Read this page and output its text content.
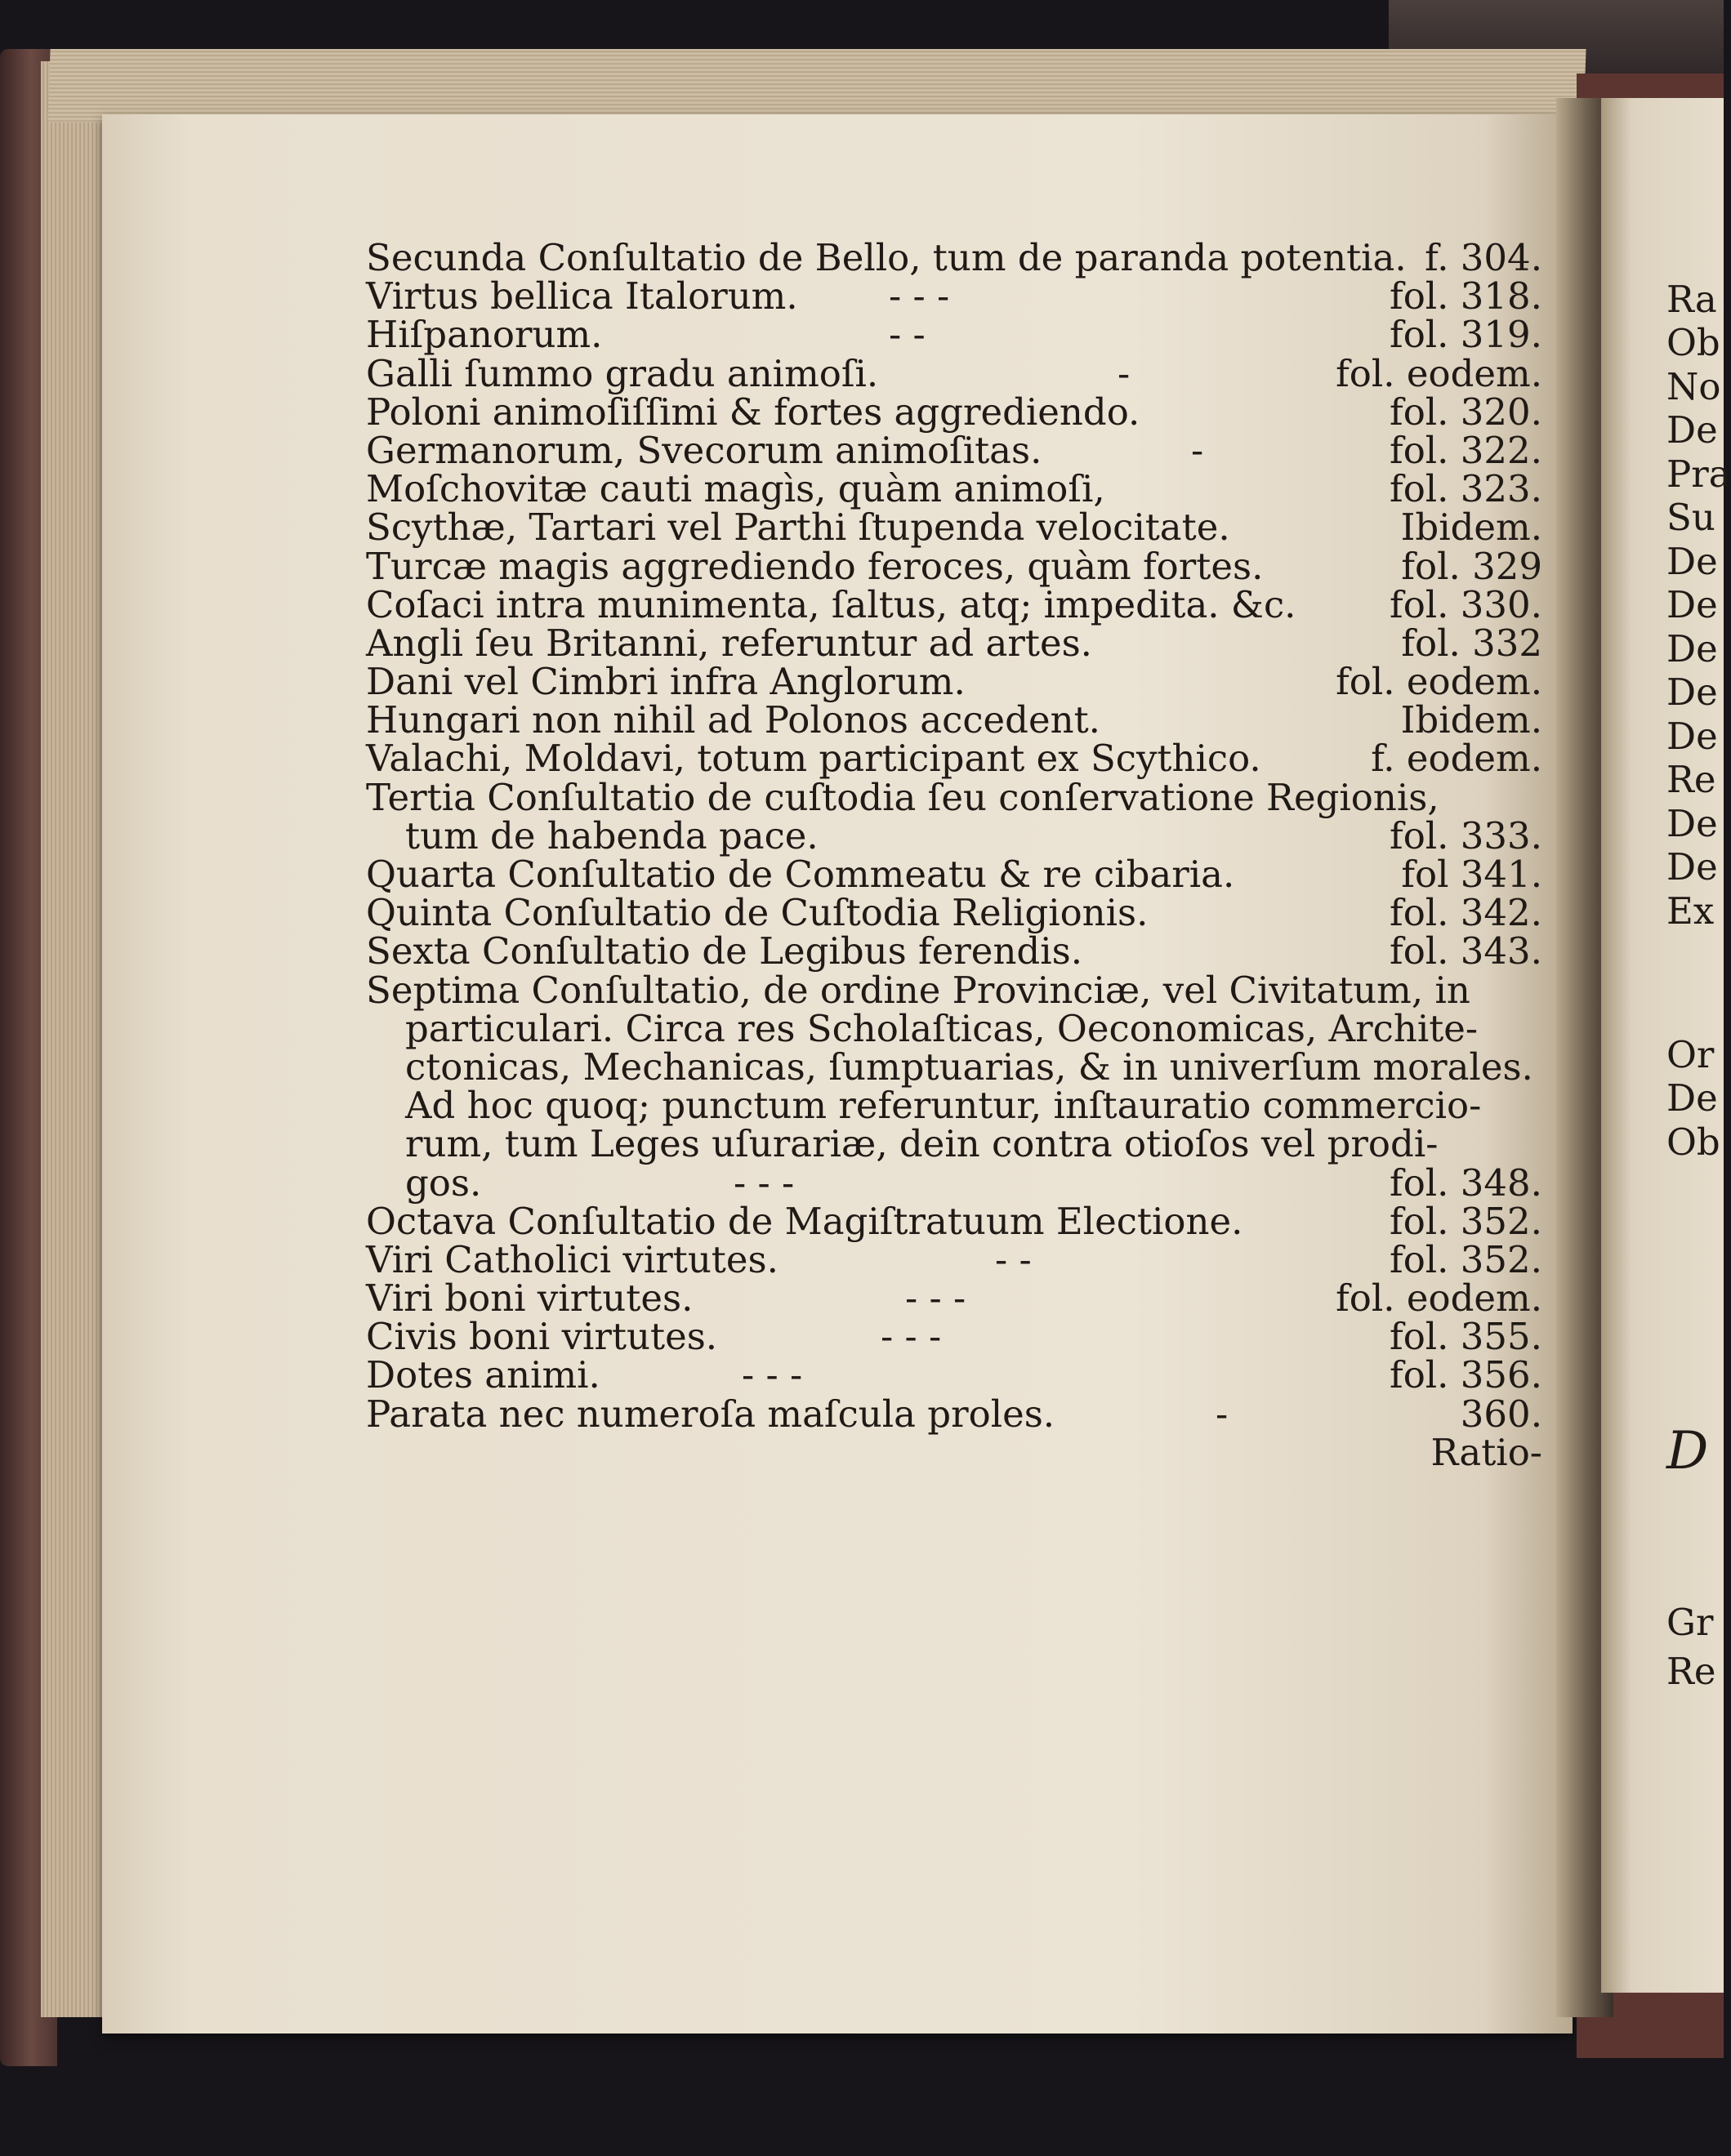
Secunda Conſultatio de Bello, tum de paranda potentia. f. 304.
Virtus bellica Italorum. - - -	fol. 318.
Hiſpanorum.	- -	fol. 319.
Galli ſummo gradu animoſi.	-	fol. eodem.
Poloni animoſiſſimi & fortes aggrediendo.	fol. 320.
Germanorum, Svecorum animoſitas.	-	fol. 322.
Moſchovitæ cauti magìs, quàm animoſi,	fol. 323.
Scythæ, Tartari vel Parthi ſtupenda velocitate.	Ibidem.
Turcæ magis aggrediendo feroces, quàm fortes.	fol. 329
Coſaci intra munimenta, ſaltus, atq; impedita. &c.	fol. 330.
Angli ſeu Britanni, referuntur ad artes.	fol. 332
Dani vel Cimbri infra Anglorum.	fol. eodem.
Hungari non nihil ad Polonos accedent.	Ibidem.
Valachi, Moldavi, totum participant ex Scythico.	f. eodem.
Tertia Conſultatio de cuſtodia ſeu conſervatione Regionis,
tum de habenda pace.	fol. 333.
Quarta Conſultatio de Commeatu & re cibaria.	fol 341.
Quinta Conſultatio de Cuſtodia Religionis.	fol. 342.
Sexta Conſultatio de Legibus ferendis.	fol. 343.
Septima Conſultatio, de ordine Provinciæ, vel Civitatum, in
particulari. Circa res Scholaſticas, Oeconomicas, Archite-
ctonicas, Mechanicas, ſumptuarias, & in univerſum morales.
Ad hoc quoq; punctum referuntur, inſtauratio commercio-
rum, tum Leges uſurariæ, dein contra otioſos vel prodi-
gos.	- - -	fol. 348.
Octava Conſultatio de Magiſtratuum Electione.	fol. 352.
Viri Catholici virtutes.	- -	fol. 352.
Viri boni virtutes.	- - -	fol. eodem.
Civis boni virtutes.	- - -	fol. 355.
Dotes animi.	- - -	fol. 356.
Parata nec numeroſa maſcula proles.	-	360.
Ratio-
Ra
Ob
No
De
Pra
Su
De
De
De
De
De
Re
De
De
Ex
Or
De
Ob
D
Gr
Re
